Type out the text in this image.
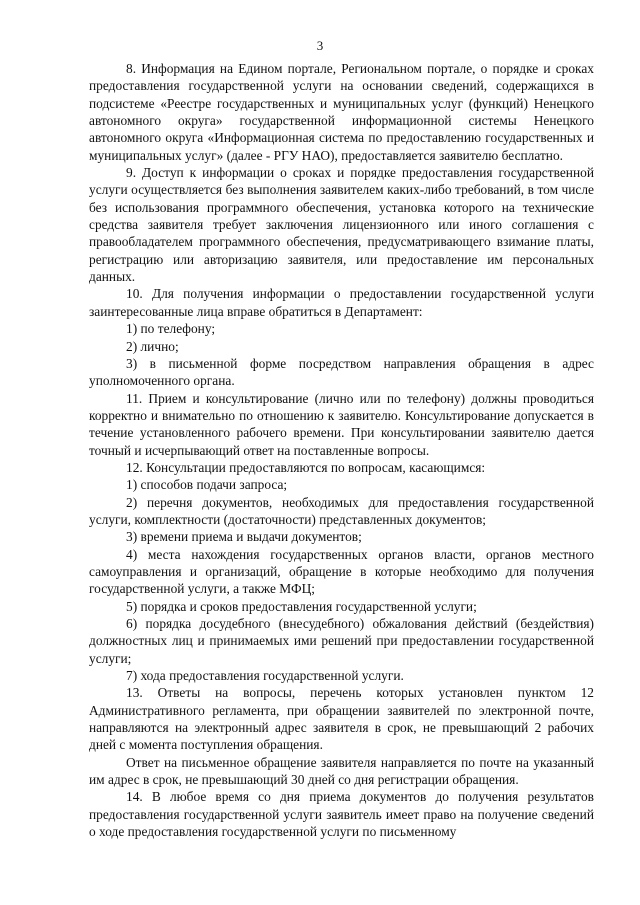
3

8. Информация на Едином портале, Региональном портале, о порядке и сроках предоставления государственной услуги на основании сведений, содержащихся в подсистеме «Реестре государственных и муниципальных услуг (функций) Ненецкого автономного округа» государственной информационной системы Ненецкого автономного округа «Информационная система по предоставлению государственных и муниципальных услуг» (далее - РГУ НАО), предоставляется заявителю бесплатно.

9. Доступ к информации о сроках и порядке предоставления государственной услуги осуществляется без выполнения заявителем каких-либо требований, в том числе без использования программного обеспечения, установка которого на технические средства заявителя требует заключения лицензионного или иного соглашения с правообладателем программного обеспечения, предусматривающего взимание платы, регистрацию или авторизацию заявителя, или предоставление им персональных данных.

10. Для получения информации о предоставлении государственной услуги заинтересованные лица вправе обратиться в Департамент:

1) по телефону;

2) лично;

3) в письменной форме посредством направления обращения в адрес уполномоченного органа.

11. Прием и консультирование (лично или по телефону) должны проводиться корректно и внимательно по отношению к заявителю. Консультирование допускается в течение установленного рабочего времени. При консультировании заявителю дается точный и исчерпывающий ответ на поставленные вопросы.

12. Консультации предоставляются по вопросам, касающимся:

1) способов подачи запроса;

2) перечня документов, необходимых для предоставления государственной услуги, комплектности (достаточности) представленных документов;

3) времени приема и выдачи документов;

4) места нахождения государственных органов власти, органов местного самоуправления и организаций, обращение в которые необходимо для получения государственной услуги, а также МФЦ;

5) порядка и сроков предоставления государственной услуги;

6) порядка досудебного (внесудебного) обжалования действий (бездействия) должностных лиц и принимаемых ими решений при предоставлении государственной услуги;

7) хода предоставления государственной услуги.

13. Ответы на вопросы, перечень которых установлен пунктом 12 Административного регламента, при обращении заявителей по электронной почте, направляются на электронный адрес заявителя в срок, не превышающий 2 рабочих дней с момента поступления обращения.

Ответ на письменное обращение заявителя направляется по почте на указанный им адрес в срок, не превышающий 30 дней со дня регистрации обращения.

14. В любое время со дня приема документов до получения результатов предоставления государственной услуги заявитель имеет право на получение сведений о ходе предоставления государственной услуги по письменному
